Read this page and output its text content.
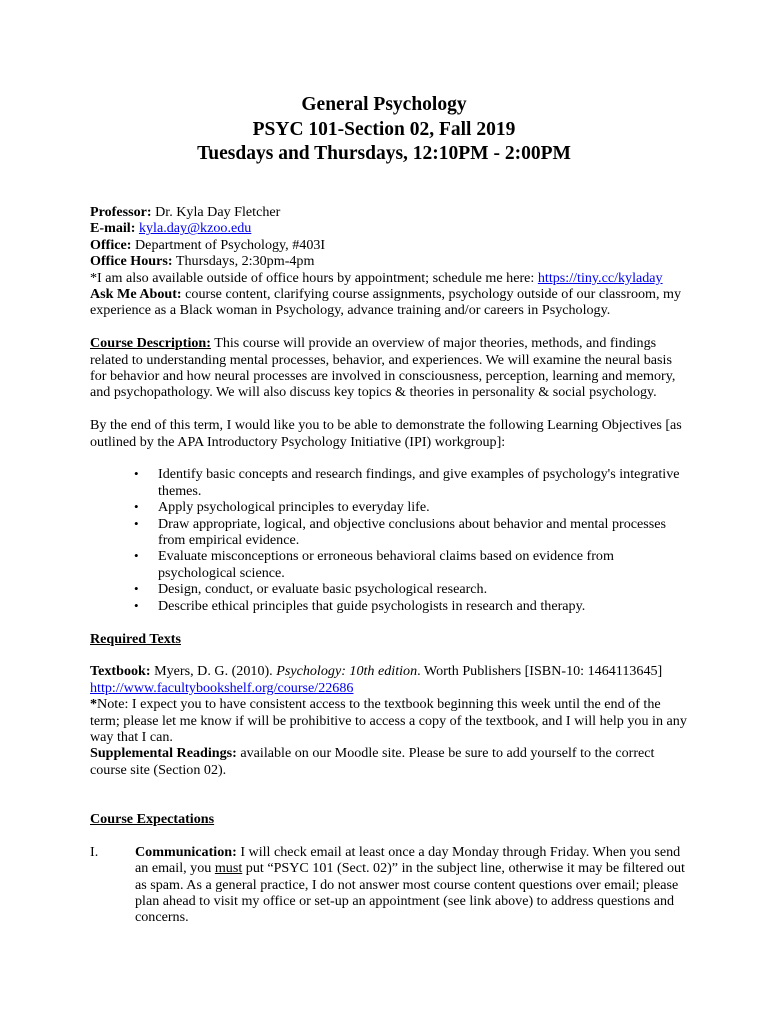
General Psychology
PSYC 101-Section 02, Fall 2019
Tuesdays and Thursdays, 12:10PM - 2:00PM
Professor: Dr. Kyla Day Fletcher
E-mail: kyla.day@kzoo.edu
Office: Department of Psychology, #403I
Office Hours: Thursdays, 2:30pm-4pm
*I am also available outside of office hours by appointment; schedule me here: https://tiny.cc/kyladay
Ask Me About: course content, clarifying course assignments, psychology outside of our classroom, my
experience as a Black woman in Psychology, advance training and/or careers in Psychology.
Course Description: This course will provide an overview of major theories, methods, and findings
related to understanding mental processes, behavior, and experiences. We will examine the neural basis
for behavior and how neural processes are involved in consciousness, perception, learning and memory,
and psychopathology. We will also discuss key topics & theories in personality & social psychology.
By the end of this term, I would like you to be able to demonstrate the following Learning Objectives [as
outlined by the APA Introductory Psychology Initiative (IPI) workgroup]:
• Identify basic concepts and research findings, and give examples of psychology's integrative
themes.
• Apply psychological principles to everyday life.
• Draw appropriate, logical, and objective conclusions about behavior and mental processes
from empirical evidence.
• Evaluate misconceptions or erroneous behavioral claims based on evidence from
psychological science.
• Design, conduct, or evaluate basic psychological research.
• Describe ethical principles that guide psychologists in research and therapy.
Required Texts
Textbook: Myers, D. G. (2010). Psychology: 10th edition. Worth Publishers [ISBN-10: 1464113645]
http://www.facultybookshelf.org/course/22686
*Note: I expect you to have consistent access to the textbook beginning this week until the end of the
term; please let me know if will be prohibitive to access a copy of the textbook, and I will help you in any
way that I can.
Supplemental Readings: available on our Moodle site. Please be sure to add yourself to the correct
course site (Section 02).
Course Expectations
I.	Communication: I will check email at least once a day Monday through Friday. When you send
an email, you must put “PSYC 101 (Sect. 02)” in the subject line, otherwise it may be filtered out
as spam. As a general practice, I do not answer most course content questions over email; please
plan ahead to visit my office or set-up an appointment (see link above) to address questions and
concerns.
